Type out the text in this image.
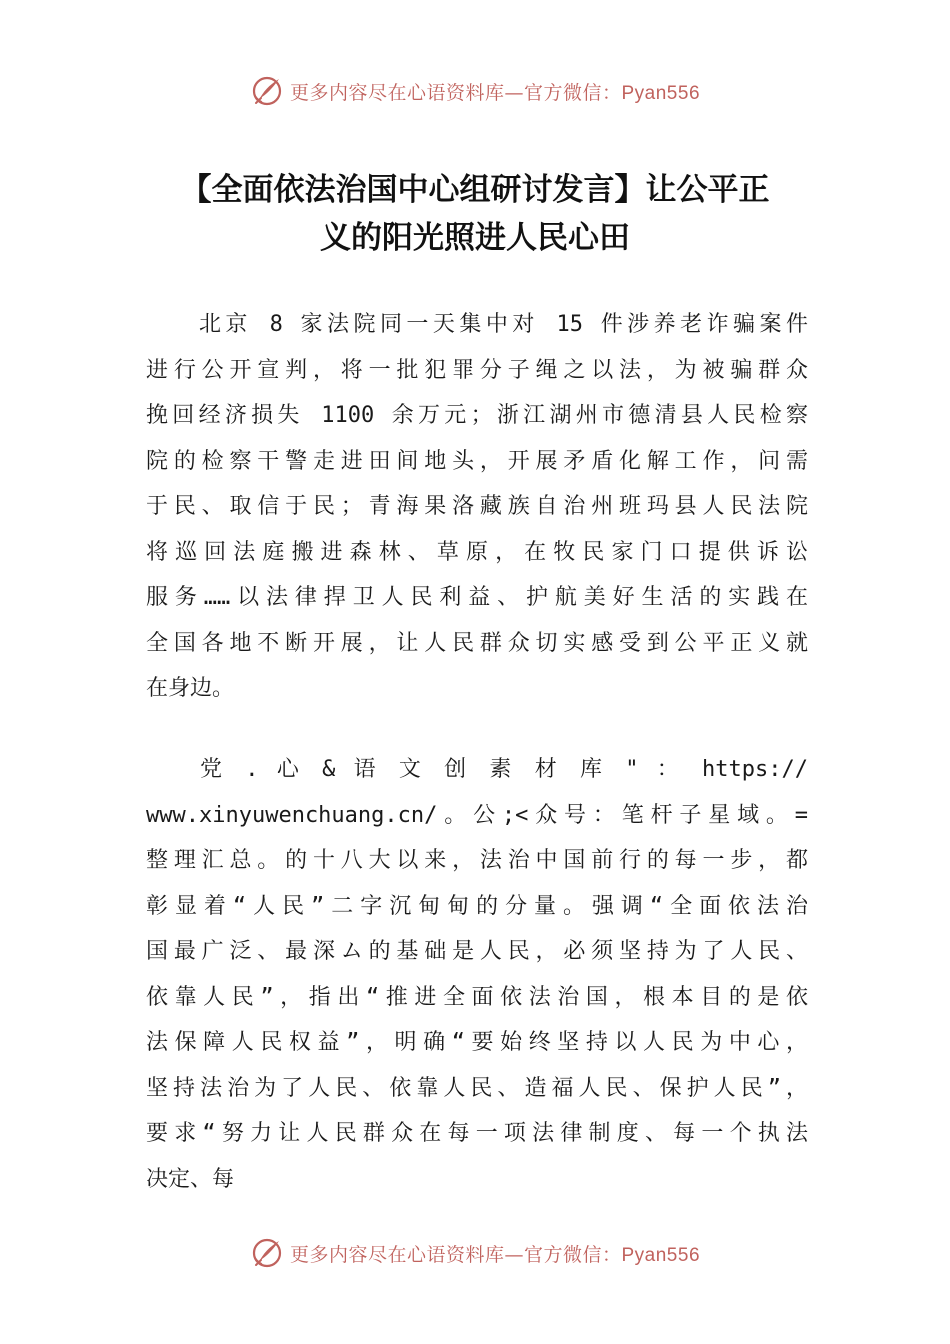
更多内容尽在心语资料库—官方微信：Pyan556
【全面依法治国中心组研讨发言】让公平正
义的阳光照进人民心田
　　北京 8 家法院同一天集中对 15 件涉养老诈骗案件
进行公开宣判，将一批犯罪分子绳之以法，为被骗群众
挽回经济损失 1100 余万元；浙江湖州市德清县人民检察
院的检察干警走进田间地头，开展矛盾化解工作，问需
于民、取信于民；青海果洛藏族自治州班玛县人民法院
将巡回法庭搬进森林、草原，在牧民家门口提供诉讼
服务……以法律捍卫人民利益、护航美好生活的实践在
全国各地不断开展，让人民群众切实感受到公平正义就
在身边。
　　党 . 心 & 语 文 创 素 材 库 " ： https://
www.xinyuwenchuang.cn/。公;<众号：笔杆子星域。=
整理汇总。的十八大以来，法治中国前行的每一步，都
彰显着“人民”二字沉甸甸的分量。强调“全面依法治
国最广泛、最深ム的基础是人民，必须坚持为了人民、
依靠人民”，指出“推进全面依法治国，根本目的是依
法保障人民权益”，明确“要始终坚持以人民为中心，
坚持法治为了人民、依靠人民、造福人民、保护人民”，
要求“努力让人民群众在每一项法律制度、每一个执法
决定、每
更多内容尽在心语资料库—官方微信：Pyan556
